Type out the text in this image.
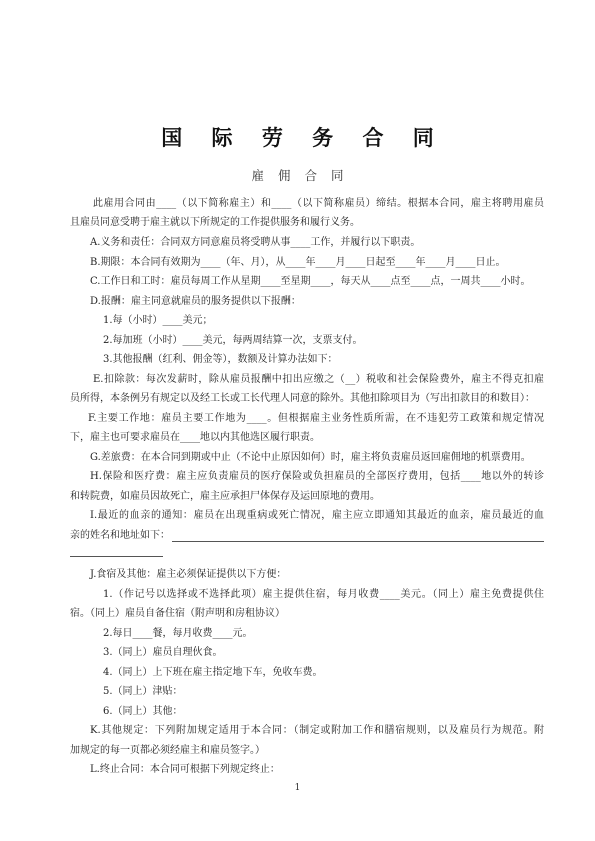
国 际 劳 务 合 同
雇 佣 合 同
此雇用合同由____（以下简称雇主）和____（以下简称雇员）缔结。根据本合同，雇主将聘用雇员
且雇员同意受聘于雇主就以下所规定的工作提供服务和履行义务。
A.义务和责任：合同双方同意雇员将受聘从事____工作，并履行以下职责。
B.期限：本合同有效期为____（年、月），从____年____月____日起至____年____月____日止。
C.工作日和工时：雇员每周工作从星期____至星期____，每天从____点至____点，一周共____小时。
D.报酬：雇主同意就雇员的服务提供以下报酬：
1.每（小时）____美元；
2.每加班（小时）____美元，每两周结算一次，支票支付。
3.其他报酬（红利、佣金等），数额及计算办法如下：
E.扣除款：每次发薪时，除从雇员报酬中扣出应缴之（__）税收和社会保险费外，雇主不得克扣雇
员所得，本条例另有规定以及经工长或工长代理人同意的除外。其他扣除项目为（写出扣款目的和数目）：
F.主要工作地：雇员主要工作地为____。但根据雇主业务性质所需，在不违犯劳工政策和规定情况
下，雇主也可要求雇员在____地以内其他选区履行职责。
G.差旅费：在本合同到期或中止（不论中止原因如何）时，雇主将负责雇员返回雇佣地的机票费用。
H.保险和医疗费：雇主应负责雇员的医疗保险或负担雇员的全部医疗费用，包括____地以外的转诊
和转院费，如雇员因故死亡，雇主应承担尸体保存及运回原地的费用。
I.最近的血亲的通知：雇员在出现重病或死亡情况，雇主应立即通知其最近的血亲，雇员最近的血
亲的姓名和地址如下：
J.食宿及其他：雇主必须保证提供以下方便：
1.（作记号以选择或不选择此项）雇主提供住宿，每月收费____美元。（同上）雇主免费提供住
宿。（同上）雇员自备住宿（附声明和房租协议）
2.每日____餐，每月收费____元。
3.（同上）雇员自理伙食。
4.（同上）上下班在雇主指定地下车，免收车费。
5.（同上）津贴：
6.（同上）其他：
K.其他规定：下列附加规定适用于本合同：（制定或附加工作和膳宿规则，以及雇员行为规范。附
加规定的每一页都必须经雇主和雇员签字。）
L.终止合同：本合同可根据下列规定终止：
1
